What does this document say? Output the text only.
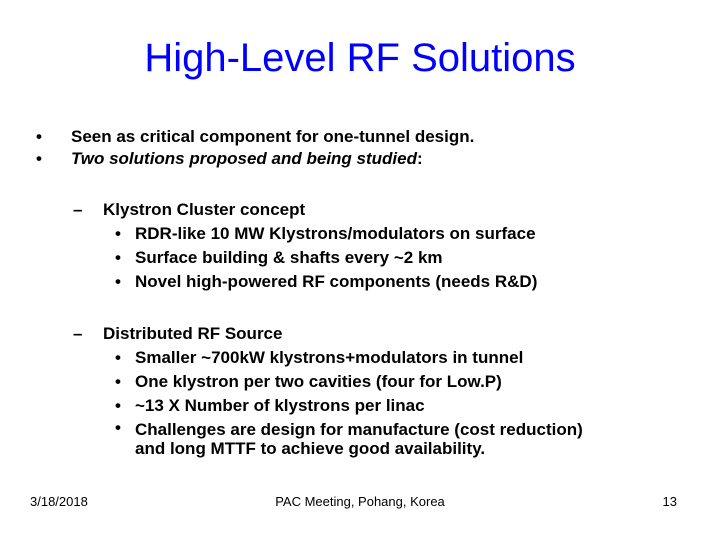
High-Level RF Solutions
• Seen as critical component for one-tunnel design.
• Two solutions proposed and being studied:
–	Klystron Cluster concept
• RDR-like 10 MW Klystrons/modulators on surface
• Surface building & shafts every ~2 km
• Novel high-powered RF components (needs R&D)
–	Distributed RF Source
• Smaller ~700kW klystrons+modulators in tunnel
• One klystron per two cavities (four for Low.P)
• ~13 X Number of klystrons per linac
• Challenges are design for manufacture (cost reduction)
and long MTTF to achieve good availability.
3/18/2018	PAC Meeting, Pohang, Korea	13
